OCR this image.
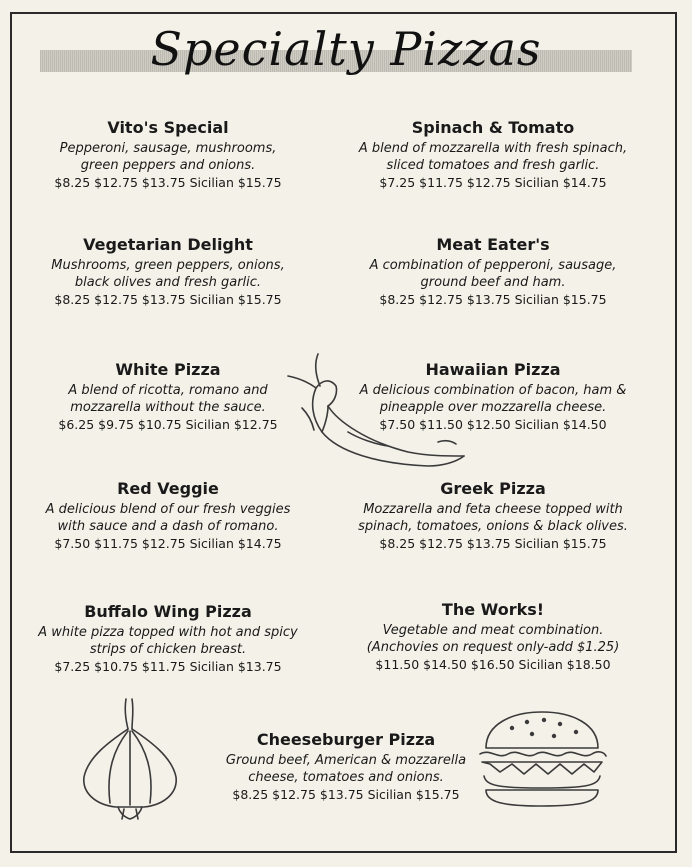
Specialty Pizzas
Vito's Special
Pepperoni, sausage, mushrooms,
green peppers and onions.
$8.25 $12.75 $13.75 Sicilian $15.75
Spinach & Tomato
A blend of mozzarella with fresh spinach,
sliced tomatoes and fresh garlic.
$7.25 $11.75 $12.75 Sicilian $14.75
Vegetarian Delight
Mushrooms, green peppers, onions,
black olives and fresh garlic.
$8.25 $12.75 $13.75 Sicilian $15.75
Meat Eater's
A combination of pepperoni, sausage,
ground beef and ham.
$8.25 $12.75 $13.75 Sicilian $15.75
White Pizza
A blend of ricotta, romano and
mozzarella without the sauce.
$6.25 $9.75 $10.75 Sicilian $12.75
Hawaiian Pizza
A delicious combination of bacon, ham &
pineapple over mozzarella cheese.
$7.50 $11.50 $12.50 Sicilian $14.50
Red Veggie
A delicious blend of our fresh veggies
with sauce and a dash of romano.
$7.50 $11.75 $12.75 Sicilian $14.75
Greek Pizza
Mozzarella and feta cheese topped with
spinach, tomatoes, onions & black olives.
$8.25 $12.75 $13.75 Sicilian $15.75
Buffalo Wing Pizza
A white pizza topped with hot and spicy
strips of chicken breast.
$7.25 $10.75 $11.75 Sicilian $13.75
The Works!
Vegetable and meat combination.
(Anchovies on request only-add $1.25)
$11.50 $14.50 $16.50 Sicilian $18.50
Cheeseburger Pizza
Ground beef, American & mozzarella
cheese, tomatoes and onions.
$8.25 $12.75 $13.75 Sicilian $15.75
